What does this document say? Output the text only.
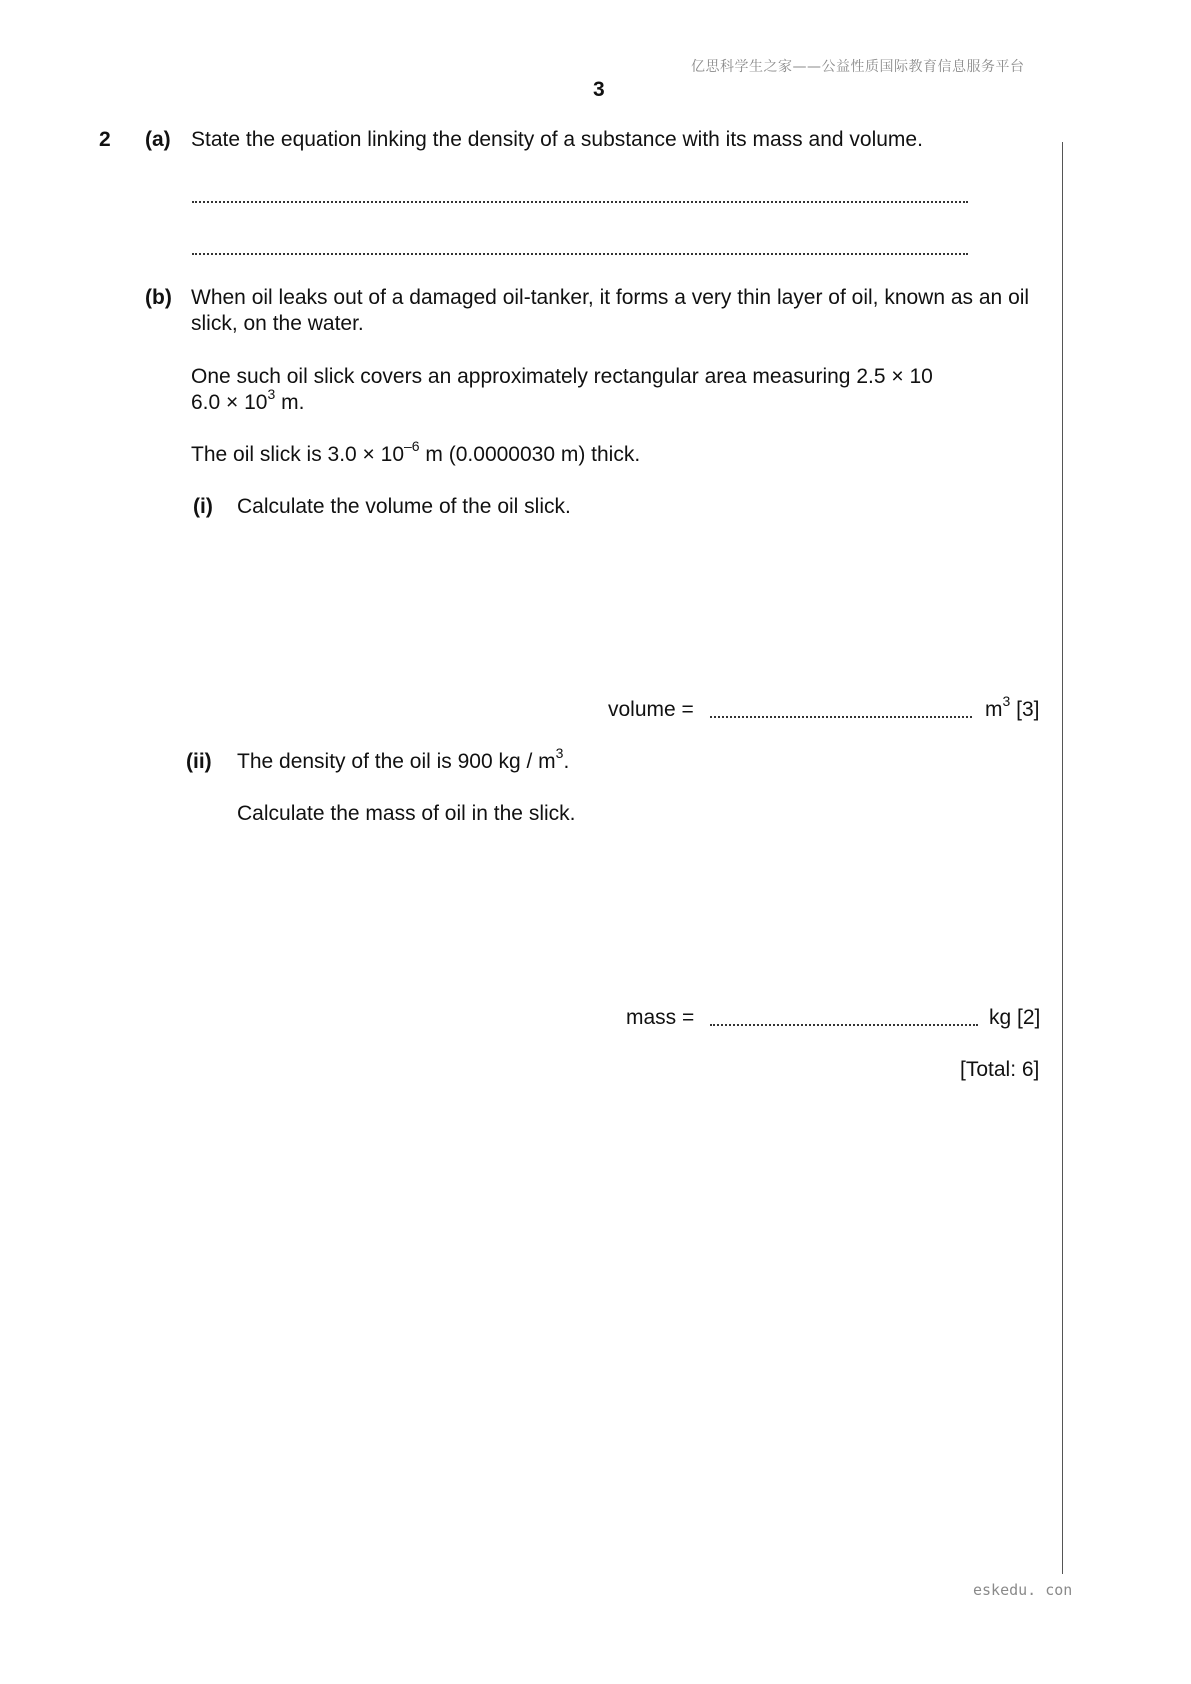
亿思科学生之家——公益性质国际教育信息服务平台
3
2 (a) State the equation linking the density of a substance with its mass and volume.
(b) When oil leaks out of a damaged oil-tanker, it forms a very thin layer of oil, known as an oil slick, on the water.
One such oil slick covers an approximately rectangular area measuring 2.5 × 10
$6.0 \times 10^3$ m.
The oil slick is $3.0 \times 10^{-6}$ m (0.0000030 m) thick.
(i) Calculate the volume of the oil slick.
volume =	$m^3$ [3]
(ii) The density of the oil is 900 kg / $m^3$.
Calculate the mass of oil in the slick.
mass =	kg [2]
[Total: 6]
eskedu. con
